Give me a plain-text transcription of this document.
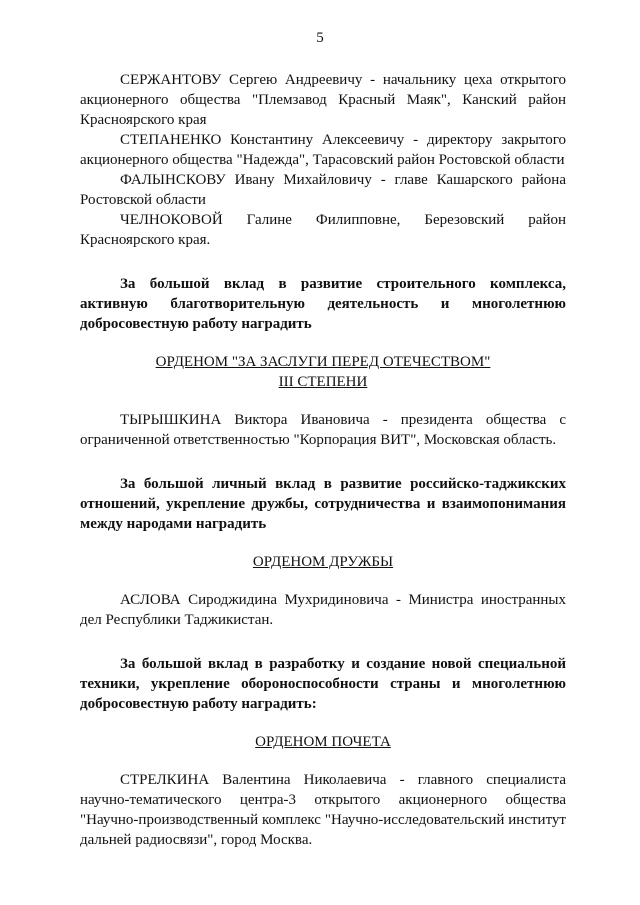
5

СЕРЖАНТОВУ Сергею Андреевичу - начальнику цеха открытого акционерного общества "Племзавод Красный Маяк", Канский район Красноярского края

СТЕПАНЕНКО Константину Алексеевичу - директору закрытого акционерного общества "Надежда", Тарасовский район Ростовской области

ФАЛЫНСКОВУ Ивану Михайловичу - главе Кашарского района Ростовской области

ЧЕЛНОКОВОЙ Галине Филипповне, Березовский район Красноярского края.

За большой вклад в развитие строительного комплекса, активную благотворительную деятельность и многолетнюю добросовестную работу наградить

ОРДЕНОМ "ЗА ЗАСЛУГИ ПЕРЕД ОТЕЧЕСТВОМ"

III СТЕПЕНИ

ТЫРЫШКИНА Виктора Ивановича - президента общества с ограниченной ответственностью "Корпорация ВИТ", Московская область.

За большой личный вклад в развитие российско-таджикских отношений, укрепление дружбы, сотрудничества и взаимопонимания между народами наградить

ОРДЕНОМ ДРУЖБЫ

АСЛОВА Сироджидина Мухридиновича - Министра иностранных дел Республики Таджикистан.

За большой вклад в разработку и создание новой специальной техники, укрепление обороноспособности страны и многолетнюю добросовестную работу наградить:

ОРДЕНОМ ПОЧЕТА

СТРЕЛКИНА Валентина Николаевича - главного специалиста научно-тематического центра-3 открытого акционерного общества "Научно-производственный комплекс "Научно-исследовательский институт дальней радиосвязи", город Москва.
